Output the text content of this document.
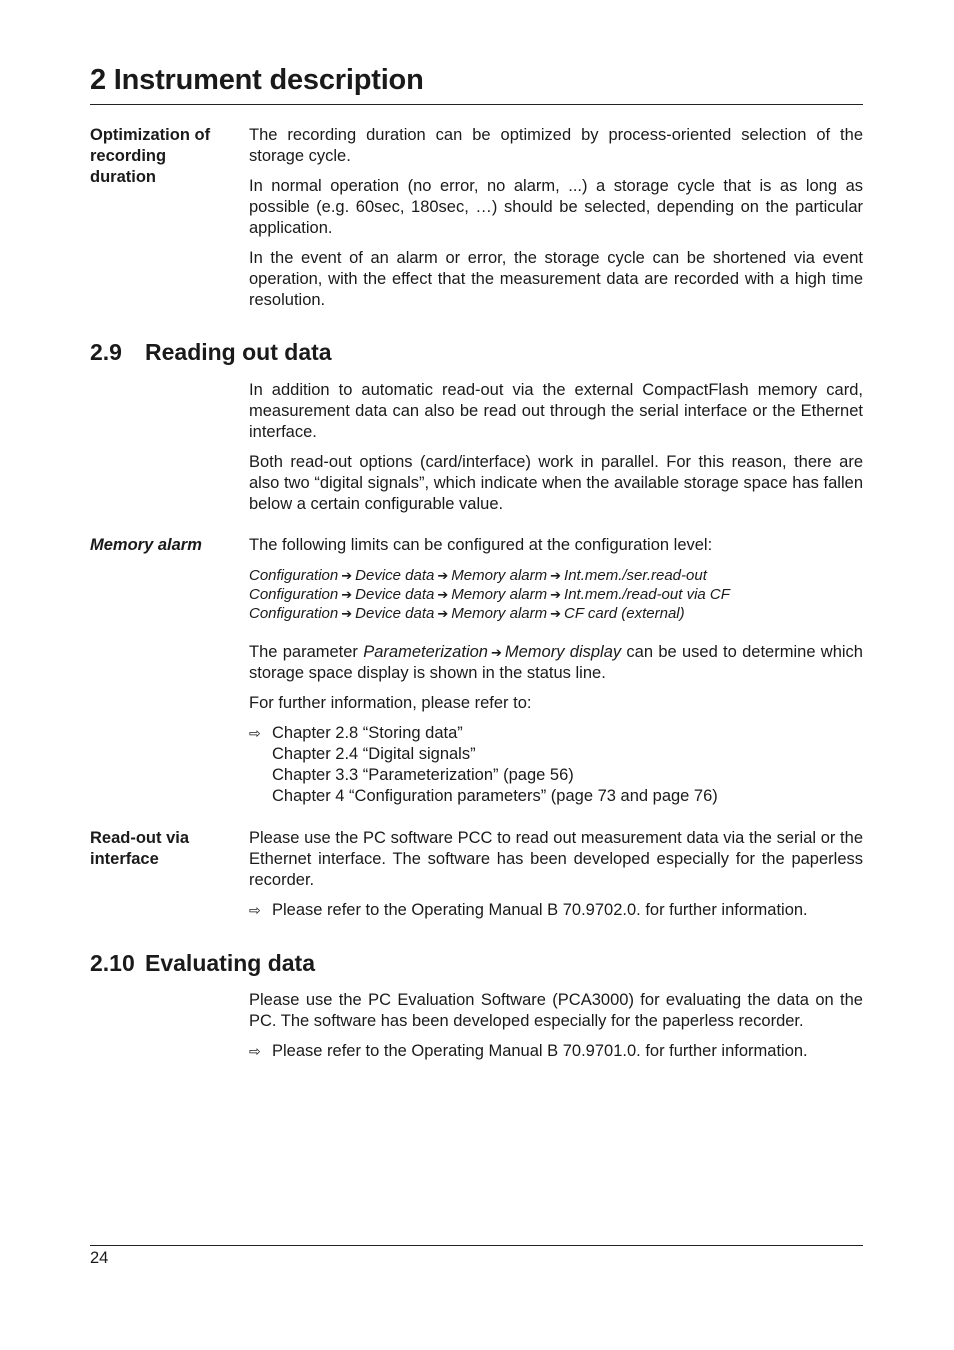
2 Instrument description
Optimization of
recording
duration

The recording duration can be optimized by process-oriented selection of the storage cycle.

In normal operation (no error, no alarm, ...) a storage cycle that is as long as possible (e.g. 60sec, 180sec, …) should be selected, depending on the particular application.

In the event of an alarm or error, the storage cycle can be shortened via event operation, with the effect that the measurement data are recorded with a high time resolution.

2.9 Reading out data

In addition to automatic read-out via the external CompactFlash memory card, measurement data can also be read out through the serial interface or the Ethernet interface.

Both read-out options (card/interface) work in parallel. For this reason, there are also two “digital signals”, which indicate when the available storage space has fallen below a certain configurable value.

Memory alarm	The following limits can be configured at the configuration level:

Configuration ➔ Device data ➔ Memory alarm ➔ Int.mem./ser.read-out

Configuration ➔ Device data ➔ Memory alarm ➔ Int.mem./read-out via CF

Configuration ➔ Device data ➔ Memory alarm ➔ CF card (external)

The parameter Parameterization ➔ Memory display can be used to determine which storage space display is shown in the status line.

For further information, please refer to:

⇨ Chapter 2.8 “Storing data”
Chapter 2.4 “Digital signals”
Chapter 3.3 “Parameterization” (page 56)
Chapter 4 “Configuration parameters” (page 73 and page 76)
Read-out via
interface

Please use the PC software PCC to read out measurement data via the serial or the Ethernet interface. The software has been developed especially for the paperless recorder.

⇨ Please refer to the Operating Manual B 70.9702.0. for further information.
2.10 Evaluating data

Please use the PC Evaluation Software (PCA3000) for evaluating the data on the PC. The software has been developed especially for the paperless recorder.

⇨ Please refer to the Operating Manual B 70.9701.0. for further information.
24
